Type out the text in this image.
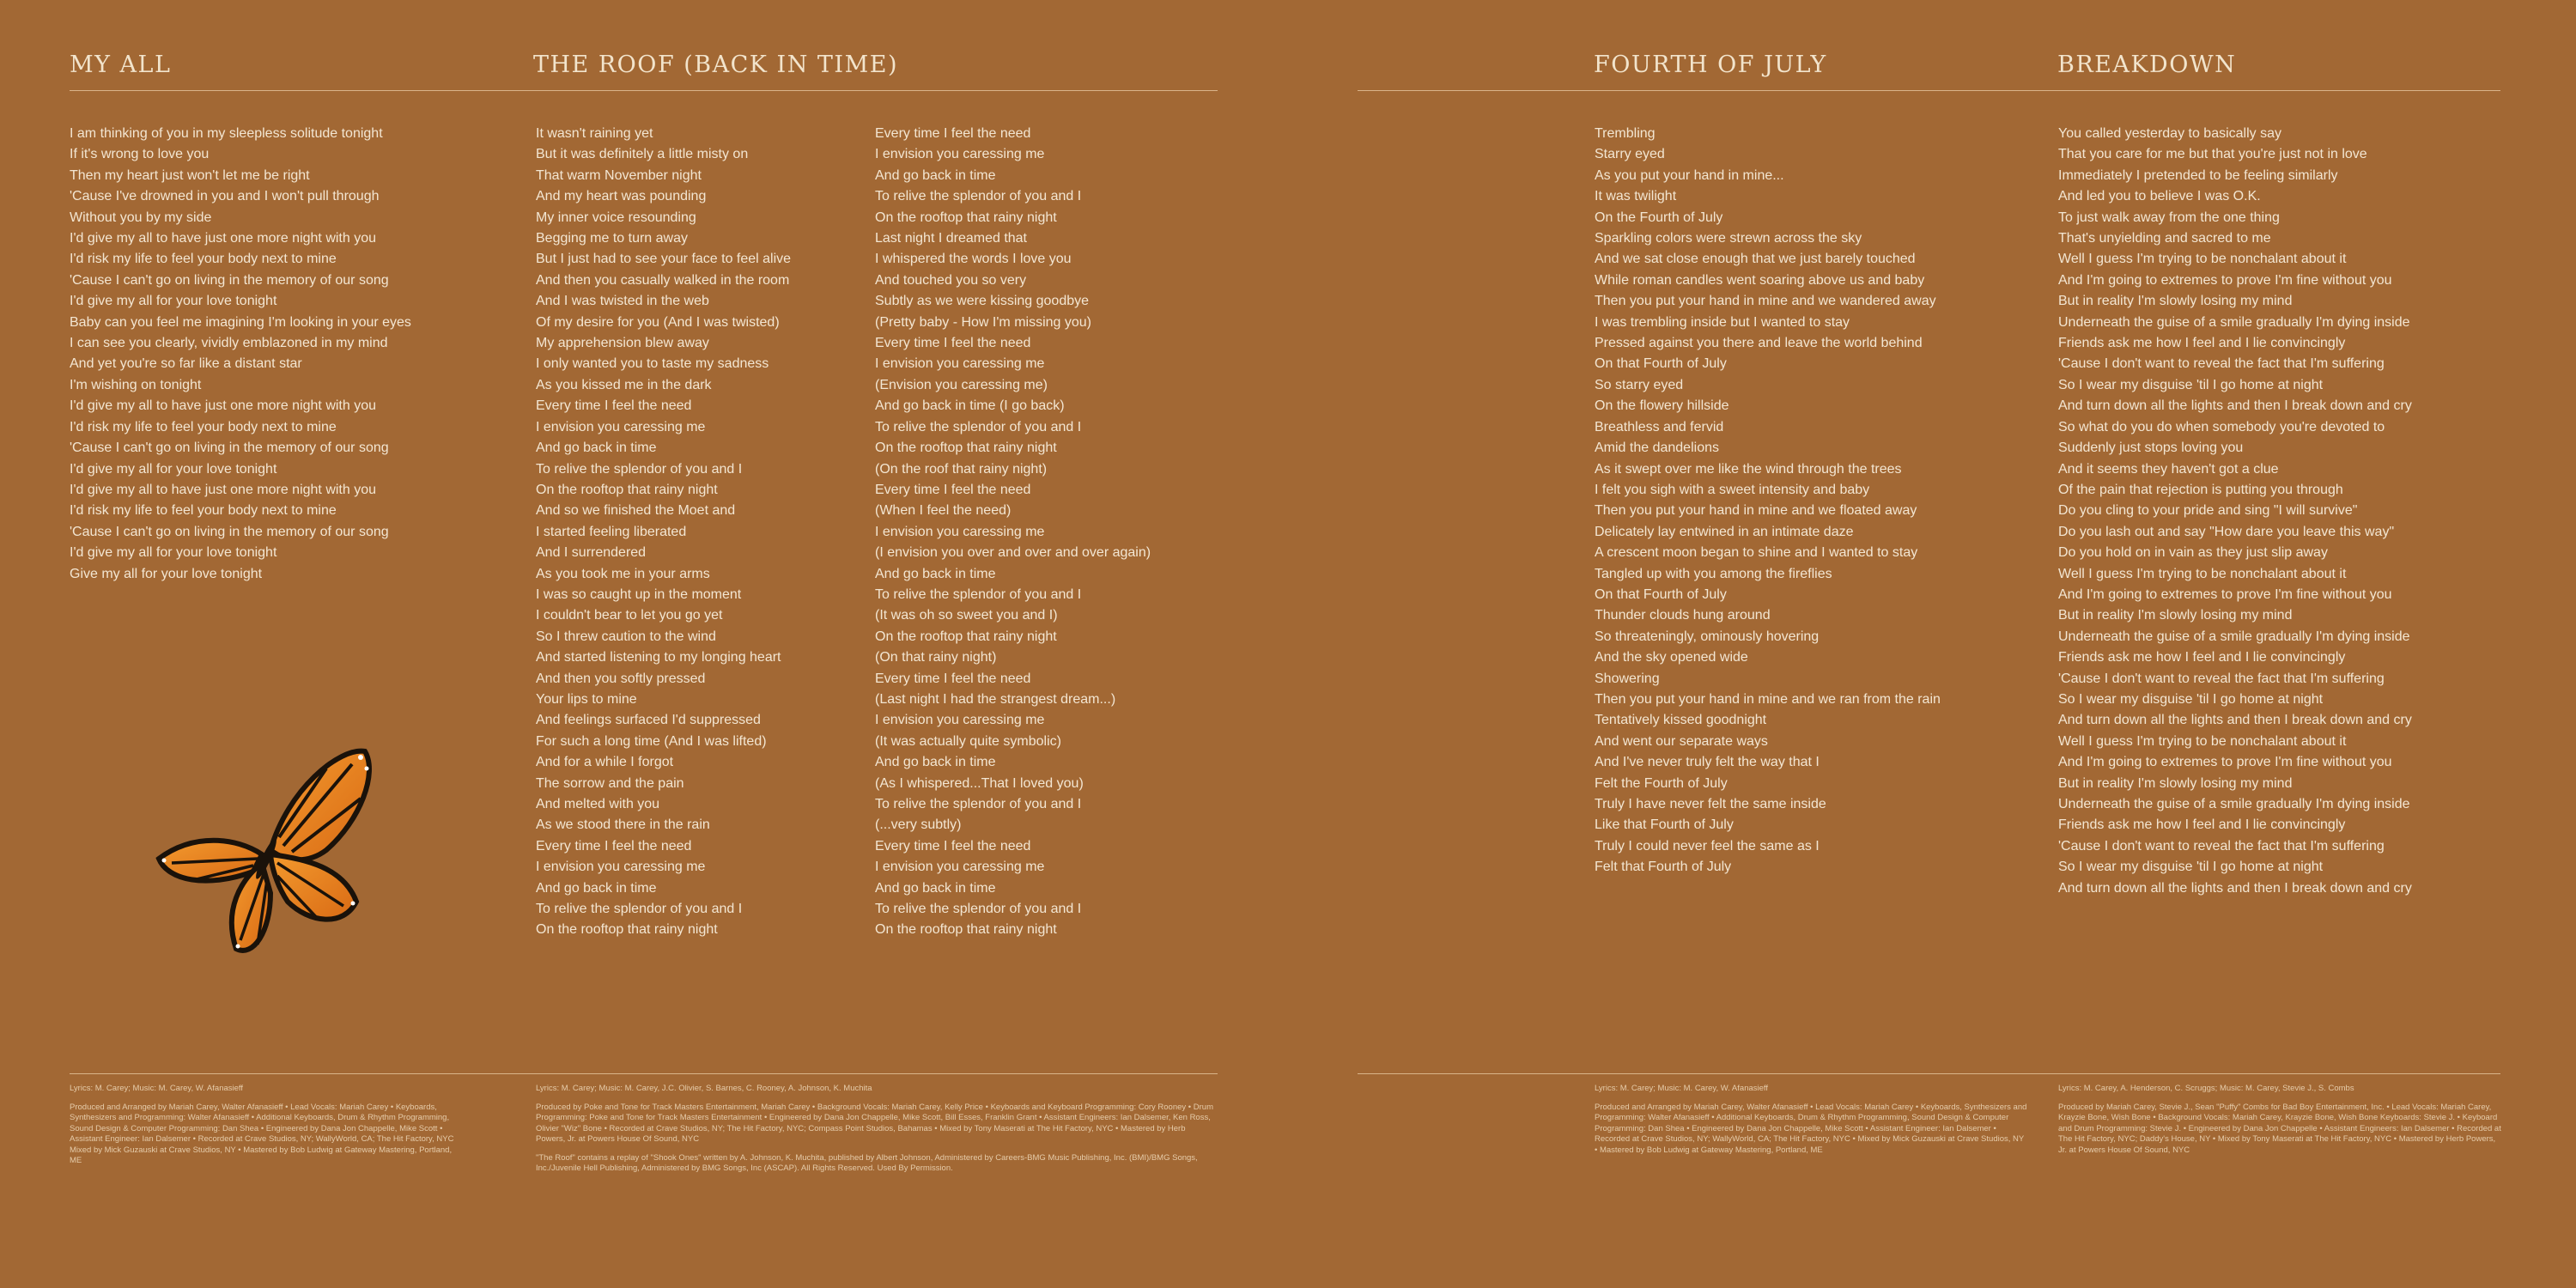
MY ALL	THE ROOF (BACK IN TIME)
I am thinking of you in my sleepless solitude tonight
If it's wrong to love you
Then my heart just won't let me be right
'Cause I've drowned in you and I won't pull through
Without you by my side
I'd give my all to have just one more night with you
I'd risk my life to feel your body next to mine
'Cause I can't go on living in the memory of our song
I'd give my all for your love tonight
Baby can you feel me imagining I'm looking in your eyes
I can see you clearly, vividly emblazoned in my mind
And yet you're so far like a distant star
I'm wishing on tonight
I'd give my all to have just one more night with you
I'd risk my life to feel your body next to mine
'Cause I can't go on living in the memory of our song
I'd give my all for your love tonight
I'd give my all to have just one more night with you
I'd risk my life to feel your body next to mine
'Cause I can't go on living in the memory of our song
I'd give my all for your love tonight
Give my all for your love tonight
It wasn't raining yet
But it was definitely a little misty on
That warm November night
And my heart was pounding
My inner voice resounding
Begging me to turn away
But I just had to see your face to feel alive
And then you casually walked in the room
And I was twisted in the web
Of my desire for you (And I was twisted)
My apprehension blew away
I only wanted you to taste my sadness
As you kissed me in the dark
Every time I feel the need
I envision you caressing me
And go back in time
To relive the splendor of you and I
On the rooftop that rainy night
And so we finished the Moet and
I started feeling liberated
And I surrendered
As you took me in your arms
I was so caught up in the moment
I couldn't bear to let you go yet
So I threw caution to the wind
And started listening to my longing heart
And then you softly pressed
Your lips to mine
And feelings surfaced I'd suppressed
For such a long time (And I was lifted)
And for a while I forgot
The sorrow and the pain
And melted with you
As we stood there in the rain
Every time I feel the need
I envision you caressing me
And go back in time
To relive the splendor of you and I
On the rooftop that rainy night
Every time I feel the need
I envision you caressing me
And go back in time
To relive the splendor of you and I
On the rooftop that rainy night
Last night I dreamed that
I whispered the words I love you
And touched you so very
Subtly as we were kissing goodbye
(Pretty baby - How I'm missing you)
Every time I feel the need
I envision you caressing me
(Envision you caressing me)
And go back in time (I go back)
To relive the splendor of you and I
On the rooftop that rainy night
(On the roof that rainy night)
Every time I feel the need
(When I feel the need)
I envision you caressing me
(I envision you over and over and over again)
And go back in time
To relive the splendor of you and I
(It was oh so sweet you and I)
On the rooftop that rainy night
(On that rainy night)
Every time I feel the need
(Last night I had the strangest dream...)
I envision you caressing me
(It was actually quite symbolic)
And go back in time
(As I whispered...That I loved you)
To relive the splendor of you and I
(...very subtly)
Every time I feel the need
I envision you caressing me
And go back in time
To relive the splendor of you and I
On the rooftop that rainy night

Lyrics: M. Carey; Music: M. Carey, W. Afanasieff

Produced and Arranged by Mariah Carey, Walter Afanasieff • Lead Vocals: Mariah Carey • Keyboards, Synthesizers and Programming: Walter Afanasieff • Additional Keyboards, Drum & Rhythm Programming, Sound Design & Computer Programming: Dan Shea • Engineered by Dana Jon Chappelle, Mike Scott • Assistant Engineer: Ian Dalsemer • Recorded at Crave Studios, NY; WallyWorld, CA; The Hit Factory, NYC Mixed by Mick Guzauski at Crave Studios, NY • Mastered by Bob Ludwig at Gateway Mastering, Portland, ME

Lyrics: M. Carey; Music: M. Carey, J.C. Olivier, S. Barnes, C. Rooney, A. Johnson, K. Muchita

Produced by Poke and Tone for Track Masters Entertainment, Mariah Carey • Background Vocals: Mariah Carey, Kelly Price • Keyboards and Keyboard Programming: Cory Rooney • Drum Programming: Poke and Tone for Track Masters Entertainment • Engineered by Dana Jon Chappelle, Mike Scott, Bill Esses, Franklin Grant • Assistant Engineers: Ian Dalsemer, Ken Ross, Olivier "Wiz" Bone • Recorded at Crave Studios, NY; The Hit Factory, NYC; Compass Point Studios, Bahamas • Mixed by Tony Maserati at The Hit Factory, NYC • Mastered by Herb Powers, Jr. at Powers House Of Sound, NYC

"The Roof" contains a replay of "Shook Ones" written by A. Johnson, K. Muchita, published by Albert Johnson, Administered by Careers-BMG Music Publishing, Inc. (BMI)/BMG Songs, Inc./Juvenile Hell Publishing, Administered by BMG Songs, Inc (ASCAP). All Rights Reserved. Used By Permission.

FOURTH OF JULY	BREAKDOWN
Trembling
Starry eyed
As you put your hand in mine...
It was twilight
On the Fourth of July
Sparkling colors were strewn across the sky
And we sat close enough that we just barely touched
While roman candles went soaring above us and baby
Then you put your hand in mine and we wandered away
I was trembling inside but I wanted to stay
Pressed against you there and leave the world behind
On that Fourth of July
So starry eyed
On the flowery hillside
Breathless and fervid
Amid the dandelions
As it swept over me like the wind through the trees
I felt you sigh with a sweet intensity and baby
Then you put your hand in mine and we floated away
Delicately lay entwined in an intimate daze
A crescent moon began to shine and I wanted to stay
Tangled up with you among the fireflies
On that Fourth of July
Thunder clouds hung around
So threateningly, ominously hovering
And the sky opened wide
Showering
Then you put your hand in mine and we ran from the rain
Tentatively kissed goodnight
And went our separate ways
And I've never truly felt the way that I
Felt the Fourth of July
Truly I have never felt the same inside
Like that Fourth of July
Truly I could never feel the same as I
Felt that Fourth of July
You called yesterday to basically say
That you care for me but that you're just not in love
Immediately I pretended to be feeling similarly
And led you to believe I was O.K.
To just walk away from the one thing
That's unyielding and sacred to me
Well I guess I'm trying to be nonchalant about it
And I'm going to extremes to prove I'm fine without you
But in reality I'm slowly losing my mind
Underneath the guise of a smile gradually I'm dying inside
Friends ask me how I feel and I lie convincingly
'Cause I don't want to reveal the fact that I'm suffering
So I wear my disguise 'til I go home at night
And turn down all the lights and then I break down and cry
So what do you do when somebody you're devoted to
Suddenly just stops loving you
And it seems they haven't got a clue
Of the pain that rejection is putting you through
Do you cling to your pride and sing "I will survive"
Do you lash out and say "How dare you leave this way"
Do you hold on in vain as they just slip away
Well I guess I'm trying to be nonchalant about it
And I'm going to extremes to prove I'm fine without you
But in reality I'm slowly losing my mind
Underneath the guise of a smile gradually I'm dying inside
Friends ask me how I feel and I lie convincingly
'Cause I don't want to reveal the fact that I'm suffering
So I wear my disguise 'til I go home at night
And turn down all the lights and then I break down and cry
Well I guess I'm trying to be nonchalant about it
And I'm going to extremes to prove I'm fine without you
But in reality I'm slowly losing my mind
Underneath the guise of a smile gradually I'm dying inside
Friends ask me how I feel and I lie convincingly
'Cause I don't want to reveal the fact that I'm suffering
So I wear my disguise 'til I go home at night
And turn down all the lights and then I break down and cry

Lyrics: M. Carey; Music: M. Carey, W. Afanasieff

Produced and Arranged by Mariah Carey, Walter Afanasieff • Lead Vocals: Mariah Carey • Keyboards, Synthesizers and Programming: Walter Afanasieff • Additional Keyboards, Drum & Rhythm Programming, Sound Design & Computer Programming: Dan Shea • Engineered by Dana Jon Chappelle, Mike Scott • Assistant Engineer: Ian Dalsemer • Recorded at Crave Studios, NY; WallyWorld, CA; The Hit Factory, NYC • Mixed by Mick Guzauski at Crave Studios, NY • Mastered by Bob Ludwig at Gateway Mastering, Portland, ME

Lyrics: M. Carey, A. Henderson, C. Scruggs; Music: M. Carey, Stevie J., S. Combs

Produced by Mariah Carey, Stevie J., Sean "Puffy" Combs for Bad Boy Entertainment, Inc. • Lead Vocals: Mariah Carey, Krayzie Bone, Wish Bone • Background Vocals: Mariah Carey, Krayzie Bone, Wish Bone Keyboards: Stevie J. • Keyboard and Drum Programming: Stevie J. • Engineered by Dana Jon Chappelle • Assistant Engineers: Ian Dalsemer • Recorded at The Hit Factory, NYC; Daddy's House, NY • Mixed by Tony Maserati at The Hit Factory, NYC • Mastered by Herb Powers, Jr. at Powers House Of Sound, NYC
